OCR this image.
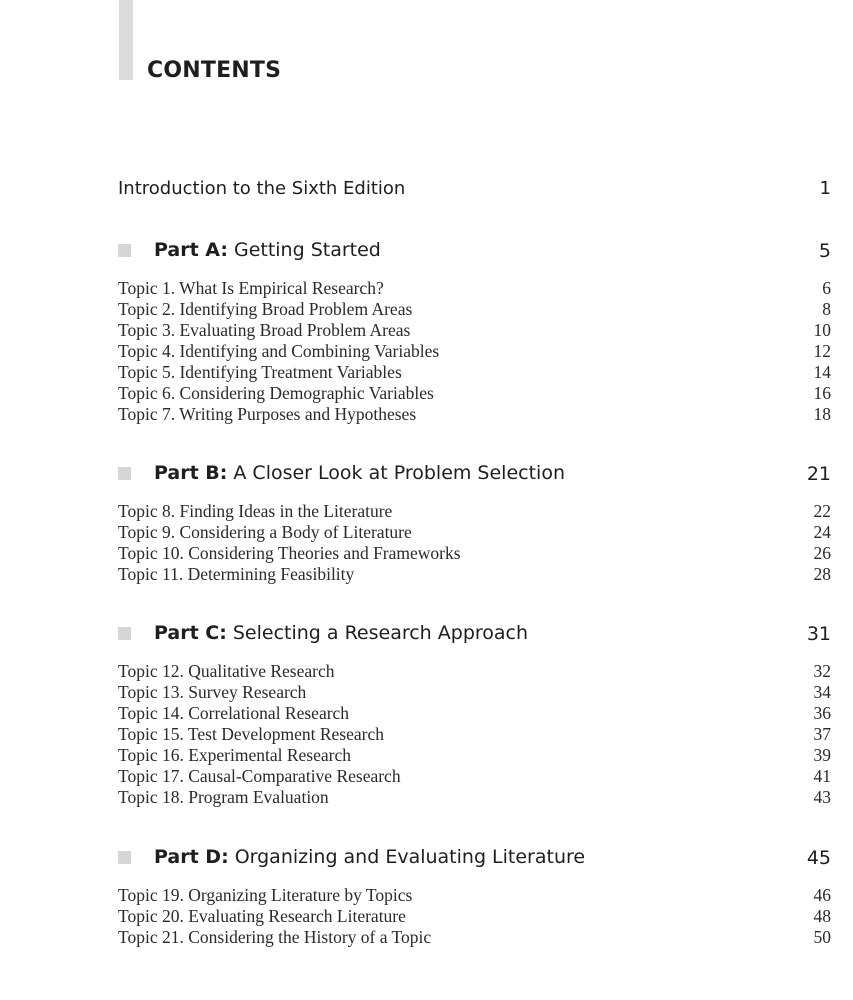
CONTENTS
Introduction to the Sixth Edition	1
Part A: Getting Started	5
Topic 1. What Is Empirical Research?	6
Topic 2. Identifying Broad Problem Areas	8
Topic 3. Evaluating Broad Problem Areas	10
Topic 4. Identifying and Combining Variables	12
Topic 5. Identifying Treatment Variables	14
Topic 6. Considering Demographic Variables	16
Topic 7. Writing Purposes and Hypotheses	18
Part B: A Closer Look at Problem Selection	21
Topic 8. Finding Ideas in the Literature	22
Topic 9. Considering a Body of Literature	24
Topic 10. Considering Theories and Frameworks	26
Topic 11. Determining Feasibility	28
Part C: Selecting a Research Approach	31
Topic 12. Qualitative Research	32
Topic 13. Survey Research	34
Topic 14. Correlational Research	36
Topic 15. Test Development Research	37
Topic 16. Experimental Research	39
Topic 17. Causal-Comparative Research	41
Topic 18. Program Evaluation	43
Part D: Organizing and Evaluating Literature	45
Topic 19. Organizing Literature by Topics	46
Topic 20. Evaluating Research Literature	48
Topic 21. Considering the History of a Topic	50
